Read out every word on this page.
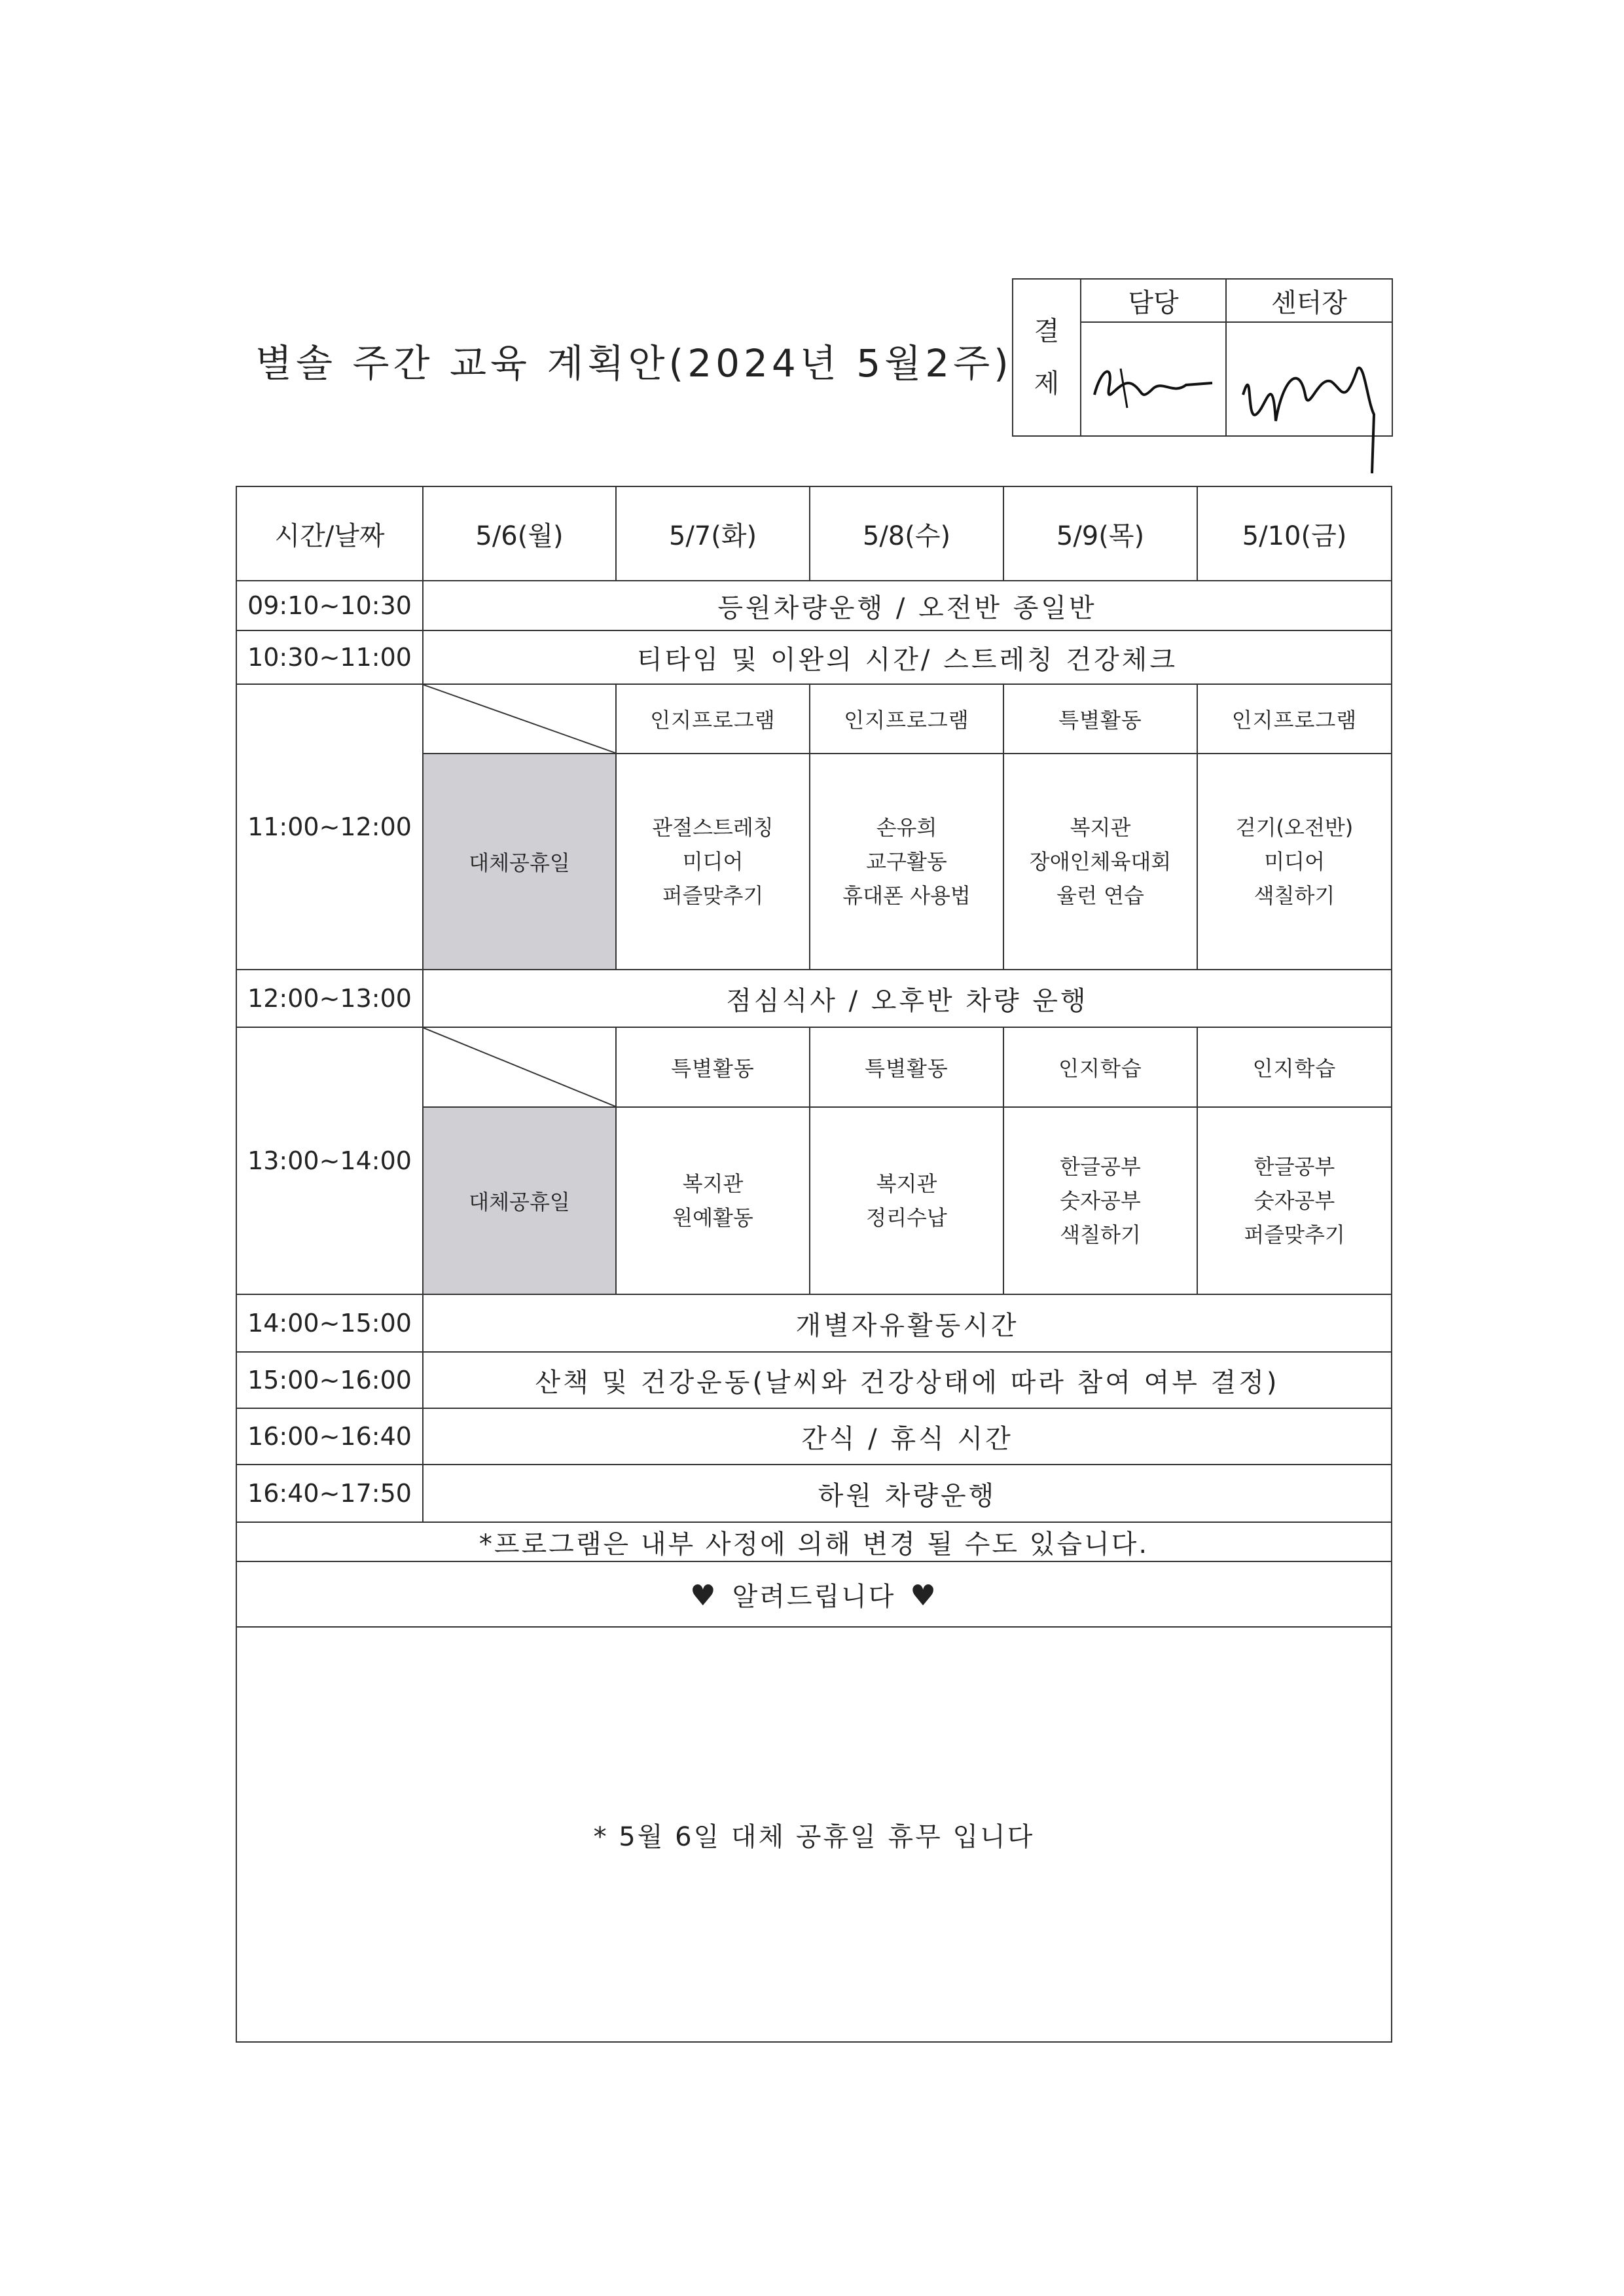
별솔 주간 교육 계획안(2024년 5월2주)
결
제	담당	센터장

시간/날짜	5/6(월)	5/7(화)	5/8(수)	5/9(목)	5/10(금)
09:10~10:30	등원차량운행 / 오전반 종일반				
10:30~11:00	티타임 및 이완의 시간/ 스트레칭 건강체크				
11:00~12:00		인지프로그램	인지프로그램	특별활동	인지프로그램
	대체공휴일	관절스트레칭
미디어
퍼즐맞추기	손유희
교구활동
휴대폰 사용법	복지관
장애인체육대회
율런 연습	걷기(오전반)
미디어
색칠하기

12:00~13:00	점심식사 / 오후반 차량 운행				
13:00~14:00		특별활동	특별활동	인지학습	인지학습
	대체공휴일	복지관
원예활동	복지관
정리수납	한글공부
숫자공부
색칠하기	한글공부
숫자공부
퍼즐맞추기

14:00~15:00	개별자유활동시간				
15:00~16:00	산책 및 건강운동(날씨와 건강상태에 따라 참여 여부 결정)				
16:00~16:40	간식 / 휴식 시간				
16:40~17:50	하원 차량운행				
*프로그램은 내부 사정에 의해 변경 될 수도 있습니다.					
♥ 알려드립니다 ♥					
* 5월 6일 대체 공휴일 휴무 입니다					
